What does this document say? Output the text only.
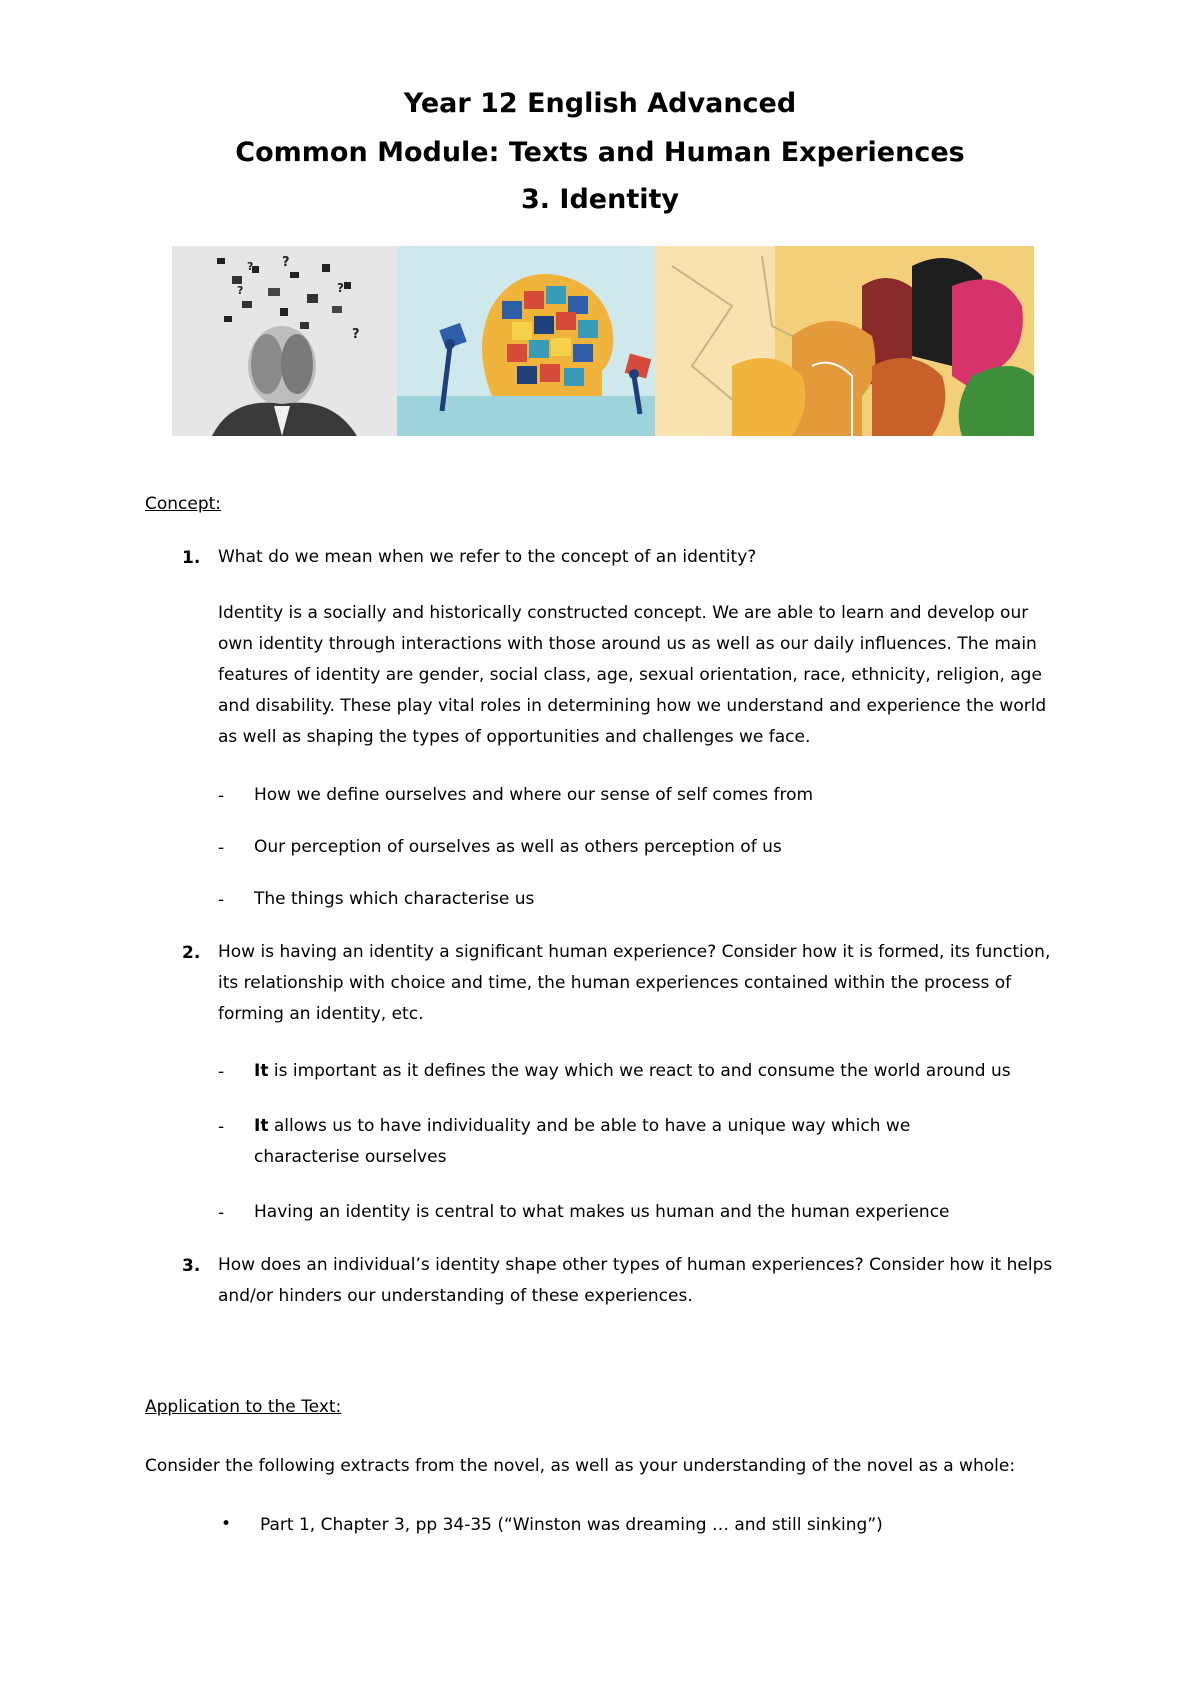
Year 12 English Advanced
Common Module: Texts and Human Experiences
3. Identity
? ?
?
?
?
Concept:
1. What do we mean when we refer to the concept of an identity?
Identity is a socially and historically constructed concept. We are able to learn and develop our own identity through interactions with those around us as well as our daily influences. The main features of identity are gender, social class, age, sexual orientation, race, ethnicity, religion, age and disability. These play vital roles in determining how we understand and experience the world as well as shaping the types of opportunities and challenges we face.
- How we define ourselves and where our sense of self comes from
- Our perception of ourselves as well as others perception of us
- The things which characterise us
2. How is having an identity a significant human experience? Consider how it is formed, its function, its relationship with choice and time, the human experiences contained within the process of forming an identity, etc.
- It is important as it defines the way which we react to and consume the world around us
- It allows us to have individuality and be able to have a unique way which we characterise ourselves
- Having an identity is central to what makes us human and the human experience
3. How does an individual’s identity shape other types of human experiences? Consider how it helps and/or hinders our understanding of these experiences.
Application to the Text:
Consider the following extracts from the novel, as well as your understanding of the novel as a whole:
• Part 1, Chapter 3, pp 34-35 (“Winston was dreaming … and still sinking”)
